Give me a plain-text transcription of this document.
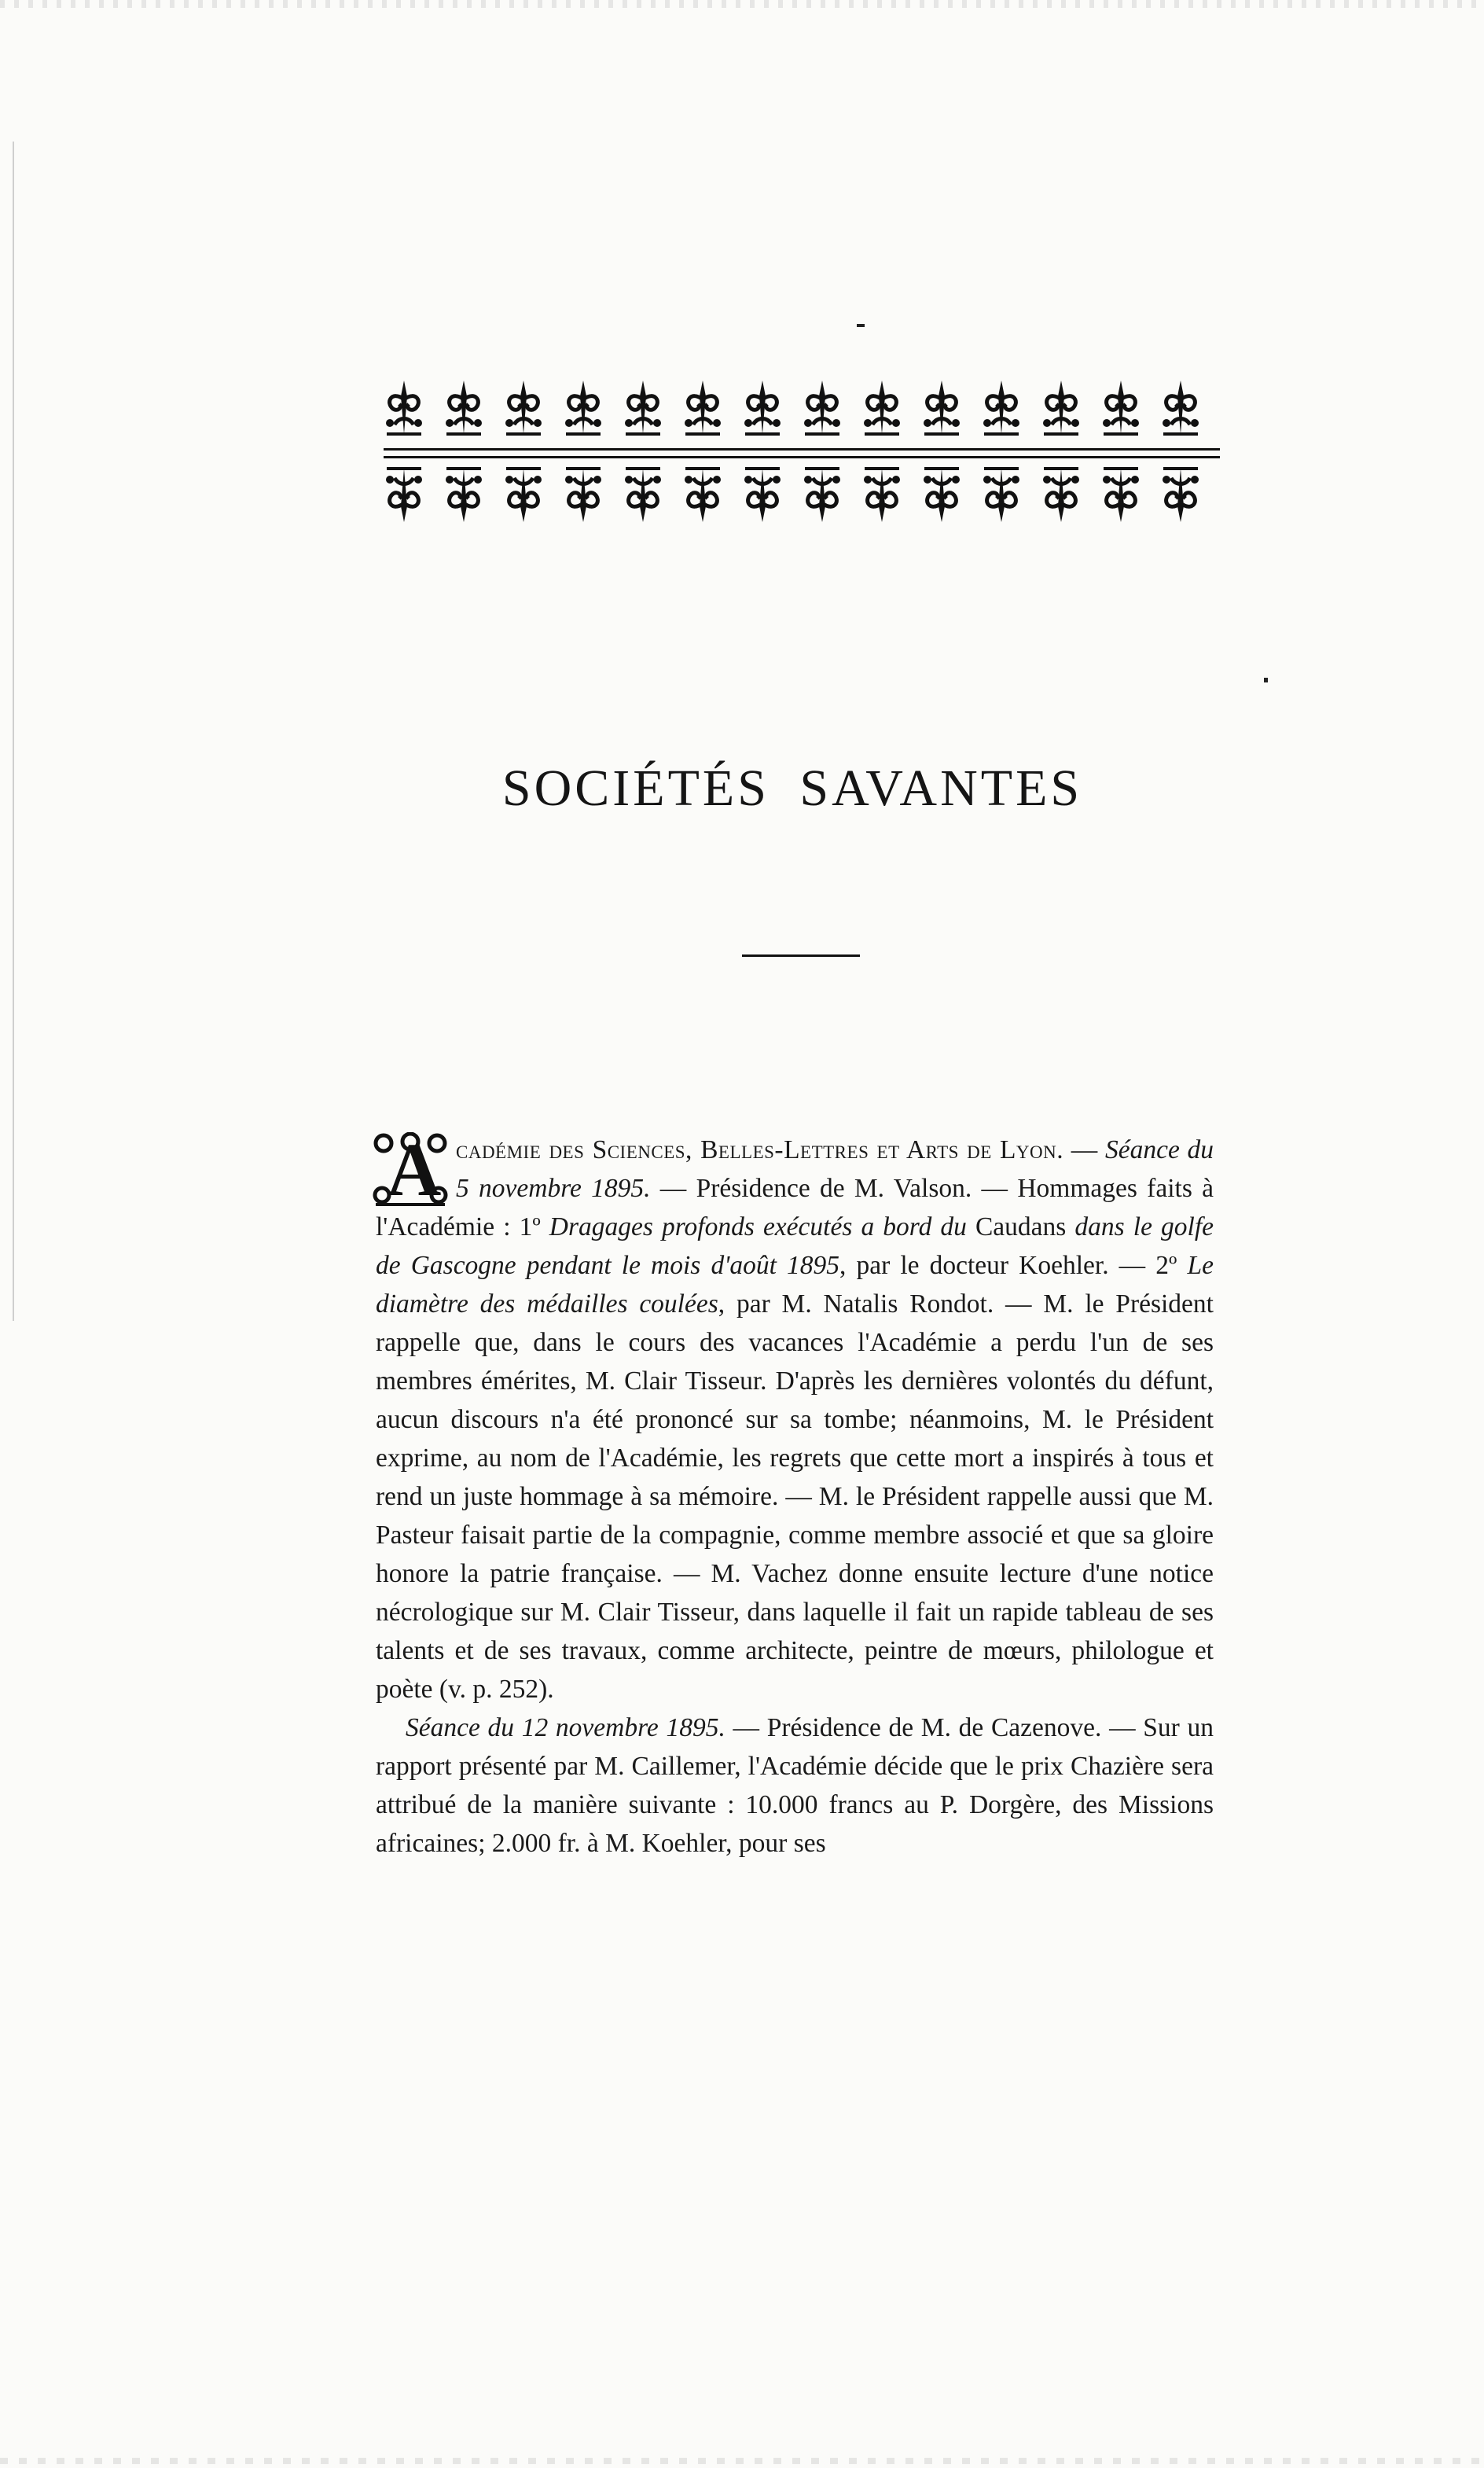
SOCIÉTÉS SAVANTES

A cadémie des Sciences, Belles-Lettres et Arts de Lyon. — Séance du 5 novembre 1895. — Présidence de M. Valson. — Hommages faits à l'Académie : 1º Dragages profonds exécutés a bord du Caudans dans le golfe de Gascogne pendant le mois d'août 1895, par le docteur Koehler. — 2º Le diamètre des médailles coulées, par M. Natalis Rondot. — M. le Président rappelle que, dans le cours des vacances l'Académie a perdu l'un de ses membres émérites, M. Clair Tisseur. D'après les dernières volontés du défunt, aucun discours n'a été prononcé sur sa tombe; néanmoins, M. le Président exprime, au nom de l'Académie, les regrets que cette mort a inspirés à tous et rend un juste hommage à sa mémoire. — M. le Président rappelle aussi que M. Pasteur faisait partie de la compagnie, comme membre associé et que sa gloire honore la patrie française. — M. Vachez donne ensuite lecture d'une notice nécrologique sur M. Clair Tisseur, dans laquelle il fait un rapide tableau de ses talents et de ses travaux, comme architecte, peintre de mœurs, philologue et poète (v. p. 252).

Séance du 12 novembre 1895. — Présidence de M. de Cazenove. — Sur un rapport présenté par M. Caillemer, l'Académie décide que le prix Chazière sera attribué de la manière suivante : 10.000 francs au P. Dorgère, des Missions africaines; 2.000 fr. à M. Koehler, pour ses
